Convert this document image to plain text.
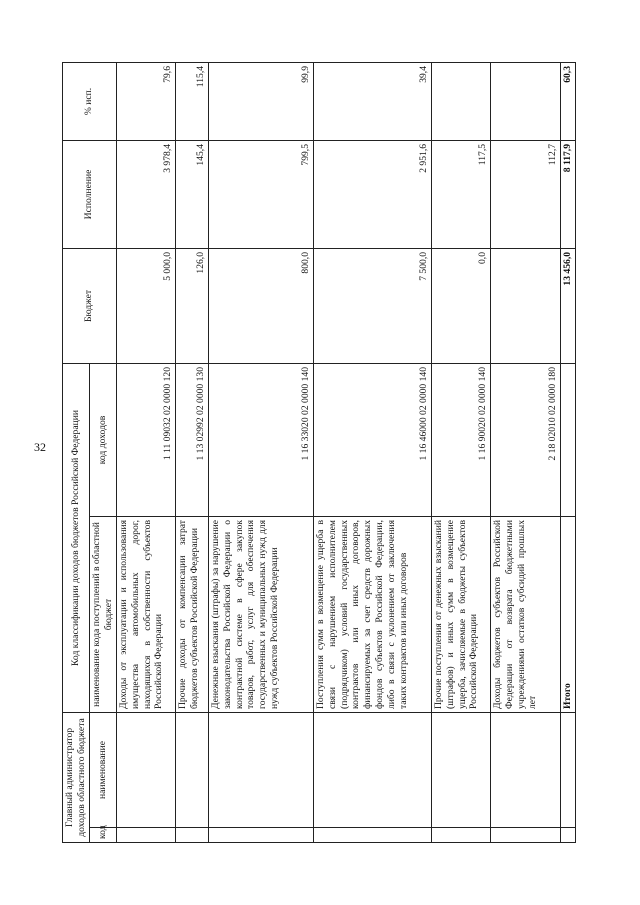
32
Главный администратор доходов областного бюджета		Код классификации доходов бюджетов Российской Федерации		Бюджет	Исполнение	% исп.
код	наименование	наименование кода поступлений в областной бюджет	код доходов			
		Доходы от эксплуатации и использования имущества автомобильных дорог, находящихся в собственности субъектов Российской Федерации	1 11 09032 02 0000 120	5 000,0	3 978,4	79,6
		Прочие доходы от компенсации затрат бюджетов субъектов Российской Федерации	1 13 02992 02 0000 130	126,0	145,4	115,4
		Денежные взыскания (штрафы) за нарушение законодательства Российской Федерации о контрактной системе в сфере закупок товаров, работ, услуг для обеспечения государственных и муниципальных нужд для нужд субъектов Российской Федерации	1 16 33020 02 0000 140	800,0	799,5	99,9
		Поступления сумм в возмещение ущерба в связи с нарушением исполнителем (подрядчиком) условий государственных контрактов или иных договоров, финансируемых за счет средств дорожных фондов субъектов Российской Федерации, либо в связи с уклонением от заключения таких контрактов или иных договоров	1 16 46000 02 0000 140	7 500,0	2 951,6	39,4
		Прочие поступления от денежных взысканий (штрафов) и иных сумм в возмещение ущерба, зачисляемые в бюджеты субъектов Российской Федерации	1 16 90020 02 0000 140	0,0	117,5	
		Доходы бюджетов субъектов Российской Федерации от возврата бюджетными учреждениями остатков субсидий прошлых лет	2 18 02010 02 0000 180		112,7	
		Итого		13 456,0	8 117,9	60,3
